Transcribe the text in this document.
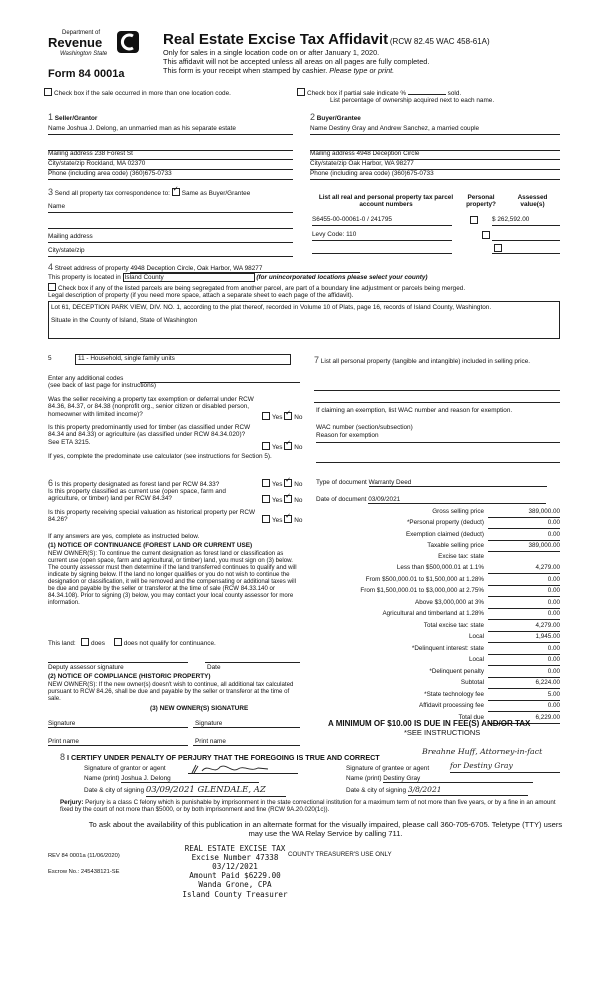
Department of
Revenue
Washington State
Form 84 0001a
Real Estate Excise Tax Affidavit (RCW 82.45 WAC 458-61A)
Only for sales in a single location code on or after January 1, 2020.
This affidavit will not be accepted unless all areas on all pages are fully completed.
This form is your receipt when stamped by cashier. Please type or print.
Check box if the sale occurred in more than one location code.	Check box if partial sale indicate %	sold.
List percentage of ownership acquired next to each name.
1 Seller/Grantor
Name Joshua J. Delong, an unmarried man as his separate estate
Mailing address 238 Forest St
City/state/zip Rockland, MA 02370
Phone (including area code) (360)675-0733
2 Buyer/Grantee
Name Destiny Gray and Andrew Sanchez, a married couple
Mailing address 4948 Deception Circle
City/state/zip Oak Harbor, WA 98277
Phone (including area code) (360)675-0733
3 Send all property tax correspondence to: ✓ Same as Buyer/Grantee
Name
Mailing address
City/state/zip
List all real and personal property tax parcel account numbers
Personal property?
Assessed value(s)
S6455-00-00061-0 / 241795
	$ 262,592.00
Levy Code: 110

4 Street address of property 4948 Deception Circle, Oak Harbor, WA 98277
This property is located in Island County	(for unincorporated locations please select your county)
Check box if any of the listed parcels are being segregated from another parcel, are part of a boundary line adjustment or parcels being merged.
Legal description of property (if you need more space, attach a separate sheet to each page of the affidavit).
Lot 61, DECEPTION PARK VIEW, DIV. NO. 1, according to the plat thereof, recorded in Volume 10 of Plats, page 16, records of Island County, Washington.
Situate in the County of Island, State of Washington
5	11 - Household, single family units
Enter any additional codes
(see back of last page for instructions)
Was the seller receiving a property tax exemption or deferral under RCW 84.36, 84.37, or 84.38 (nonprofit org., senior citizen or disabled person, homeowner with limited income)?	Yes ✓ No
Is this property predominantly used for timber (as classified under RCW 84.34 and 84.33) or agriculture (as classified under RCW 84.34.020)? See ETA 3215.
Yes ✓ No
If yes, complete the predominate use calculator (see instructions for Section 5).
7 List all personal property (tangible and intangible) included in selling price.
If claiming an exemption, list WAC number and reason for exemption.
WAC number (section/subsection)
Reason for exemption
6 Is this property designated as forest land per RCW 84.33?	Yes ✓ No
Is this property classified as current use (open space, farm and agriculture, or timber) land per RCW 84.34?	Yes ✓ No
Is this property receiving special valuation as historical property per RCW 84.26?	Yes ✓ No
If any answers are yes, complete as instructed below.
(1) NOTICE OF CONTINUANCE (FOREST LAND OR CURRENT USE)
NEW OWNER(S): To continue the current designation as forest land or classification as current use (open space, farm and agricultural, or timber) land, you must sign on (3) below. The county assessor must then determine if the land transferred continues to qualify and will indicate by signing below. If the land no longer qualifies or you do not wish to continue the designation or classification, it will be removed and the compensating or additional taxes will be due and payable by the seller or transferor at the time of sale (RCW 84.33.140 or 84.34.108). Prior to signing (3) below, you may contact your local county assessor for more information.
This land: does	does not qualify for continuance.
Deputy assessor signature	Date
(2) NOTICE OF COMPLIANCE (HISTORIC PROPERTY)
NEW OWNER(S): If the new owner(s) doesn't wish to continue, all additional tax calculated pursuant to RCW 84.26, shall be due and payable by the seller or transferor at the time of sale.
(3) NEW OWNER(S) SIGNATURE
Signature	Signature
Print name	Print name
Type of document Warranty Deed
Date of document 03/09/2021
Gross selling price	389,000.00
*Personal property (deduct)	0.00
Exemption claimed (deduct)	0.00
Taxable selling price	389,000.00
Excise tax: state	
Less than $500,000.01 at 1.1%	4,279.00
From $500,000.01 to $1,500,000 at 1.28%	0.00
From $1,500,000.01 to $3,000,000 at 2.75%	0.00
Above $3,000,000 at 3%	0.00
Agricultural and timberland at 1.28%	0.00
Total excise tax: state	4,279.00
Local	1,945.00
*Delinquent interest: state	0.00
Local	0.00
*Delinquent penalty	0.00
Subtotal	6,224.00
*State technology fee	5.00
Affidavit processing fee	0.00
Total due	6,229.00
A MINIMUM OF $10.00 IS DUE IN FEE(S) AND/OR TAX
*SEE INSTRUCTIONS
8 I CERTIFY UNDER PENALTY OF PERJURY THAT THE FOREGOING IS TRUE AND CORRECT
Breahne Huff, Attorney-in-fact
Signature of grantor or agent
Name (print) Joshua J. Delong
Date & city of signing 03/09/2021 GLENDALE, AZ
Signature of grantee or agent	for Destiny Gray
Name (print) Destiny Gray
Date & city of signing 3/8/2021
Perjury: Perjury is a class C felony which is punishable by imprisonment in the state correctional institution for a maximum term of not more than five years, or by a fine in an amount fixed by the court of not more than $5000, or by both imprisonment and fine (RCW 9A.20.020(1c)).
To ask about the availability of this publication in an alternate format for the visually impaired, please call 360-705-6705. Teletype (TTY) users may use the WA Relay Service by calling 711.
REV 84 0001a (11/06/2020)
Escrow No.: 245438121-SE
COUNTY TREASURER'S USE ONLY
REAL ESTATE EXCISE TAX
Excise Number 47338
03/12/2021
Amount Paid $6229.00
Wanda Grone, CPA
Island County Treasurer
